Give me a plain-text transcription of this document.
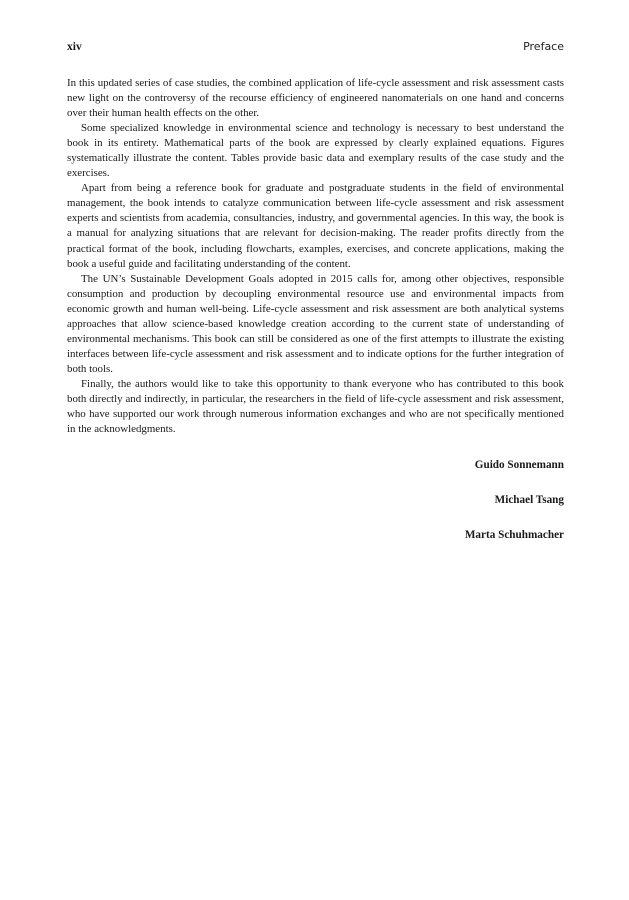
xiv	Preface

In this updated series of case studies, the combined application of life-cycle assessment and risk assessment casts new light on the controversy of the recourse efficiency of engineered nanomaterials on one hand and concerns over their human health effects on the other.

Some specialized knowledge in environmental science and technology is necessary to best understand the book in its entirety. Mathematical parts of the book are expressed by clearly explained equations. Figures systematically illustrate the content. Tables provide basic data and exemplary results of the case study and the exercises.

Apart from being a reference book for graduate and postgraduate students in the field of environmental management, the book intends to catalyze communication between life-cycle assessment and risk assessment experts and scientists from academia, consultancies, industry, and governmental agencies. In this way, the book is a manual for analyzing situations that are relevant for decision-making. The reader profits directly from the practical format of the book, including flowcharts, examples, exercises, and concrete applications, making the book a useful guide and facilitating understanding of the content.

The UN’s Sustainable Development Goals adopted in 2015 calls for, among other objectives, responsible consumption and production by decoupling environmental resource use and environmental impacts from economic growth and human well-being. Life-cycle assessment and risk assessment are both analytical systems approaches that allow science-based knowledge creation according to the current state of understanding of environmental mechanisms. This book can still be considered as one of the first attempts to illustrate the existing interfaces between life-cycle assessment and risk assessment and to indicate options for the further integration of both tools.

Finally, the authors would like to take this opportunity to thank everyone who has contributed to this book both directly and indirectly, in particular, the researchers in the field of life-cycle assessment and risk assessment, who have supported our work through numerous information exchanges and who are not specifically mentioned in the acknowledgments.

Guido Sonnemann
Michael Tsang
Marta Schuhmacher
